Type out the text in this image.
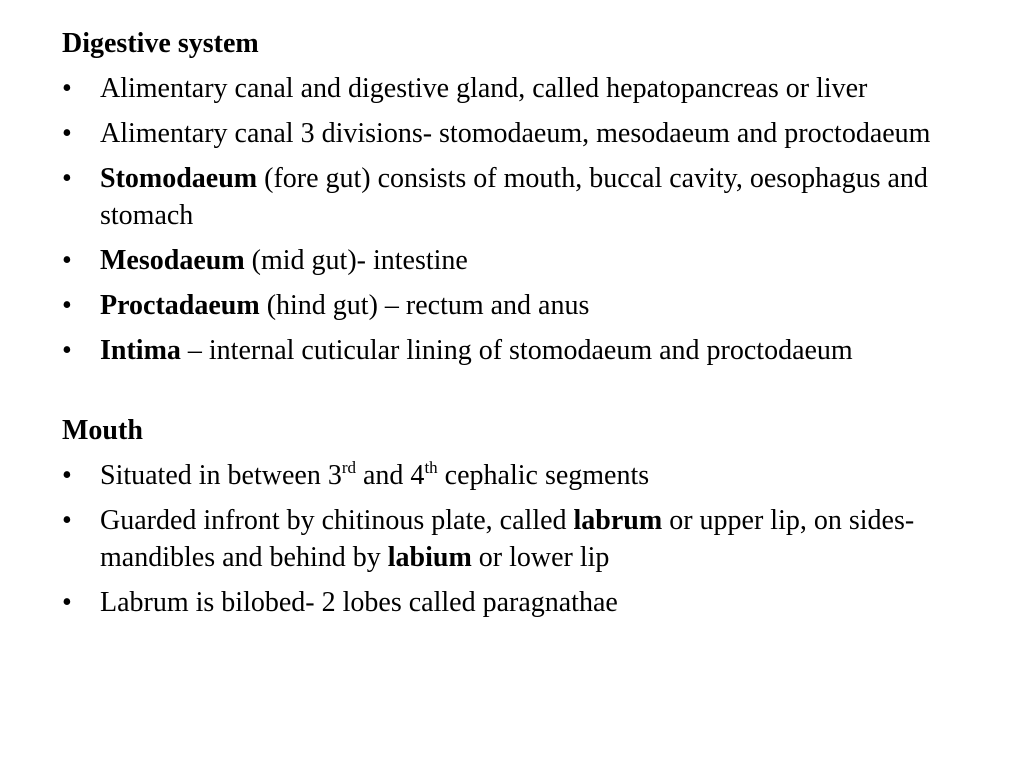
Digestive system

• Alimentary canal and digestive gland, called hepatopancreas or liver
• Alimentary canal 3 divisions- stomodaeum, mesodaeum and proctodaeum
• Stomodaeum (fore gut) consists of mouth, buccal cavity, oesophagus and stomach
• Mesodaeum (mid gut)- intestine
• Proctadaeum (hind gut) – rectum and anus
• Intima – internal cuticular lining of stomodaeum and proctodaeum

Mouth

• Situated in between 3rd and 4th cephalic segments
• Guarded infront by chitinous plate, called labrum or upper lip, on sides- mandibles and behind by labium or lower lip
• Labrum is bilobed- 2 lobes called paragnathae
